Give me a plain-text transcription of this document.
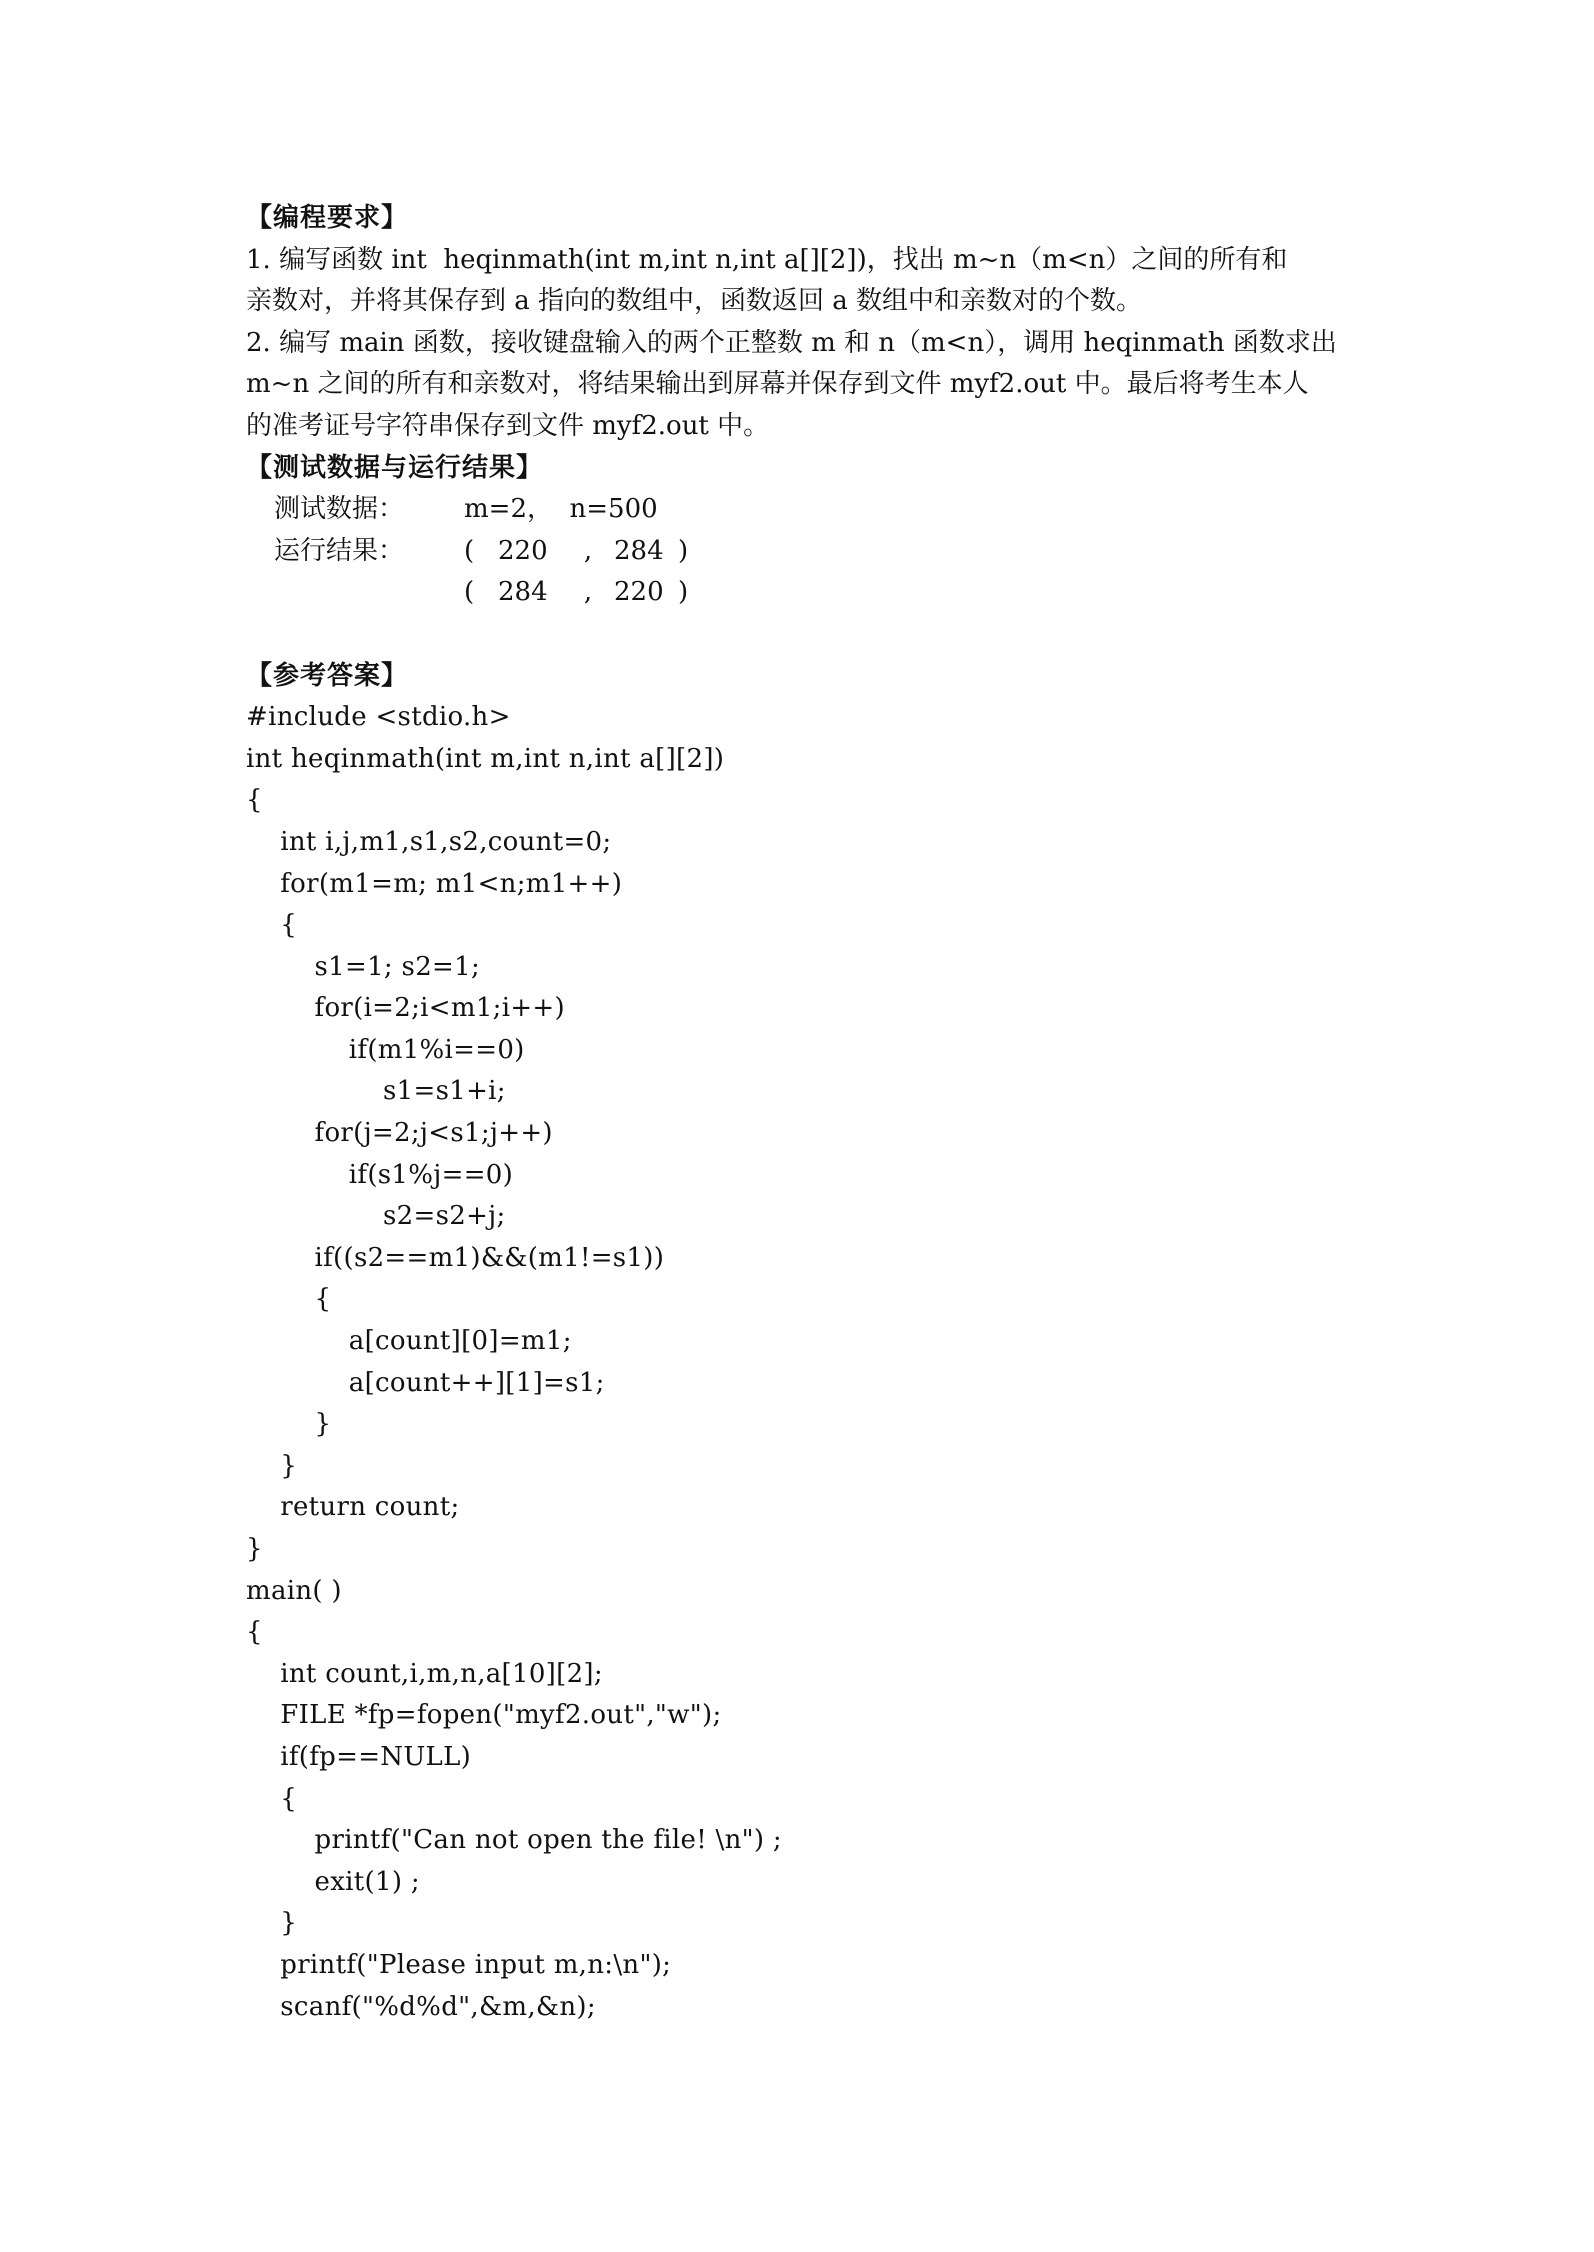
【编程要求】
1. 编写函数 int  heqinmath(int m,int n,int a[][2])，找出 m~n（m<n）之间的所有和
亲数对，并将其保存到 a 指向的数组中，函数返回 a 数组中和亲数对的个数。
2. 编写 main 函数，接收键盘输入的两个正整数 m 和 n（m<n），调用 heqinmath 函数求出
m~n 之间的所有和亲数对，将结果输出到屏幕并保存到文件 myf2.out 中。最后将考生本人
的准考证号字符串保存到文件 myf2.out 中。
【测试数据与运行结果】
测试数据： m=2，  n=500
运行结果： ( 220 , 284 )
( 284 , 220 )
【参考答案】
#include <stdio.h>
int heqinmath(int m,int n,int a[][2])
{
int i,j,m1,s1,s2,count=0;
for(m1=m; m1<n;m1++)
{
s1=1; s2=1;
for(i=2;i<m1;i++)
if(m1%i==0)
s1=s1+i;
for(j=2;j<s1;j++)
if(s1%j==0)
s2=s2+j;
if((s2==m1)&&(m1!=s1))
{
a[count][0]=m1;
a[count++][1]=s1;
}
}
return count;
}
main( )
{
int count,i,m,n,a[10][2];
FILE *fp=fopen("myf2.out","w");
if(fp==NULL)
{
printf("Can not open the file! \n") ;
exit(1) ;
}
printf("Please input m,n:\n");
scanf("%d%d",&m,&n);
